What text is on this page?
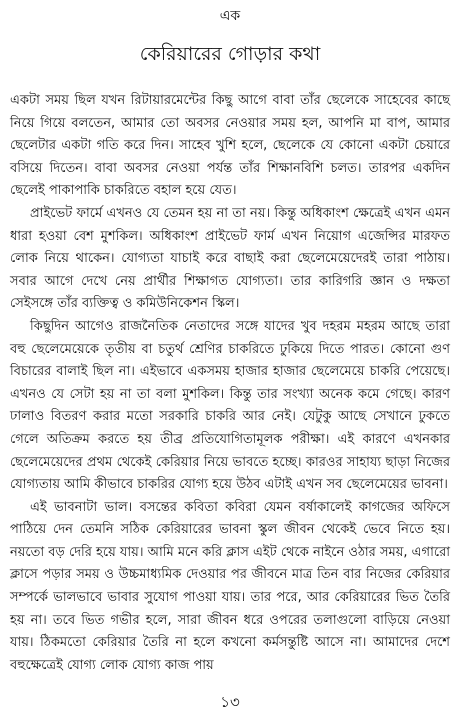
এক
কেরিয়ারের গোড়ার কথা

একটা সময় ছিল যখন রিটায়ারমেন্টের কিছু আগে বাবা তাঁর ছেলেকে সাহেবের কাছে নিয়ে গিয়ে বলতেন, আমার তো অবসর নেওয়ার সময় হল, আপনি মা বাপ, আমার ছেলেটার একটা গতি করে দিন। সাহেব খুশি হলে, ছেলেকে যে কোনো একটা চেয়ারে বসিয়ে দিতেন। বাবা অবসর নেওয়া পর্যন্ত তাঁর শিক্ষানবিশি চলত। তারপর একদিন ছেলেই পাকাপাকি চাকরিতে বহাল হয়ে যেত।

প্রাইভেট ফার্মে এখনও যে তেমন হয় না তা নয়। কিন্তু অধিকাংশ ক্ষেত্রেই এখন এমন ধারা হওয়া বেশ মুশকিল। অধিকাংশ প্রাইভেট ফার্ম এখন নিয়োগ এজেন্সির মারফত লোক নিয়ে থাকেন। যোগ্যতা যাচাই করে বাছাই করা ছেলেমেয়েদেরই তারা পাঠায়। সবার আগে দেখে নেয় প্রার্থীর শিক্ষাগত যোগ্যতা। তার কারিগরি জ্ঞান ও দক্ষতা সেইসঙ্গে তাঁর ব্যক্তিত্ব ও কমিউনিকেশন স্কিল।

কিছুদিন আগেও রাজনৈতিক নেতাদের সঙ্গে যাদের খুব দহরম মহরম আছে তারা বহু ছেলেমেয়েকে তৃতীয় বা চতুর্থ শ্রেণির চাকরিতে ঢুকিয়ে দিতে পারত। কোনো গুণ বিচারের বালাই ছিল না। এইভাবে একসময় হাজার হাজার ছেলেমেয়ে চাকরি পেয়েছে। এখনও যে সেটা হয় না তা বলা মুশকিল। কিন্তু তার সংখ্যা অনেক কমে গেছে। কারণ ঢালাও বিতরণ করার মতো সরকারি চাকরি আর নেই। যেটুকু আছে সেখানে ঢুকতে গেলে অতিক্রম করতে হয় তীব্র প্রতিযোগিতামূলক পরীক্ষা। এই কারণে এখনকার ছেলেমেয়েদের প্রথম থেকেই কেরিয়ার নিয়ে ভাবতে হচ্ছে। কারওর সাহায্য ছাড়া নিজের যোগ্যতায় আমি কীভাবে চাকরির যোগ্য হয়ে উঠব এটাই এখন সব ছেলেমেয়ের ভাবনা।

এই ভাবনাটা ভাল। বসন্তের কবিতা কবিরা যেমন বর্ষাকালেই কাগজের অফিসে পাঠিয়ে দেন তেমনি সঠিক কেরিয়ারের ভাবনা স্কুল জীবন থেকেই ভেবে নিতে হয়। নয়তো বড় দেরি হয়ে যায়। আমি মনে করি ক্লাস এইট থেকে নাইনে ওঠার সময়, এগারো ক্লাসে পড়ার সময় ও উচ্চমাধ্যমিক দেওয়ার পর জীবনে মাত্র তিন বার নিজের কেরিয়ার সম্পর্কে ভালভাবে ভাবার সুযোগ পাওয়া যায়। তার পরে, আর কেরিয়ারের ভিত তৈরি হয় না। তবে ভিত গভীর হলে, সারা জীবন ধরে ওপরের তলাগুলো বাড়িয়ে নেওয়া যায়। ঠিকমতো কেরিয়ার তৈরি না হলে কখনো কর্মসন্তুষ্টি আসে না। আমাদের দেশে বহুক্ষেত্রেই যোগ্য লোক যোগ্য কাজ পায়

১৩
